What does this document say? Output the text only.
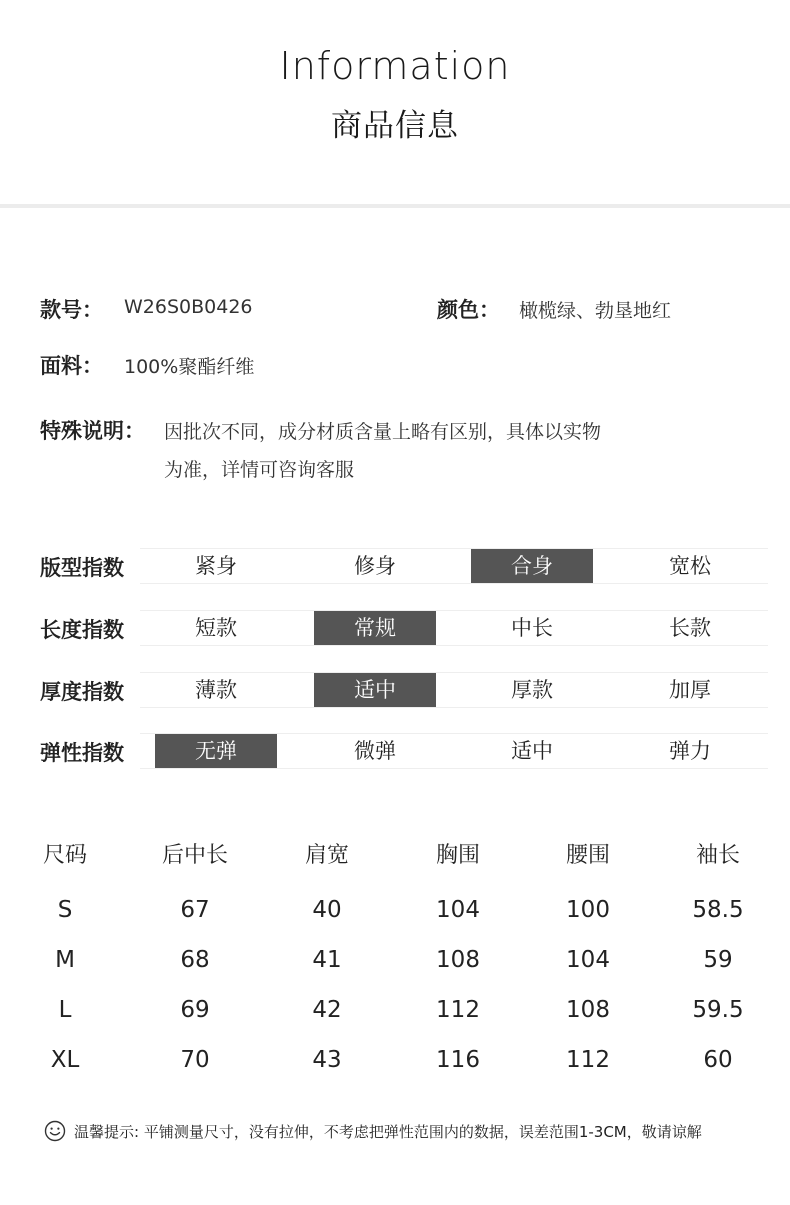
Information
商品信息
款号： W26S0B0426	颜色： 橄榄绿、勃垦地红
面料： 100%聚酯纤维
特殊说明： 因批次不同，成分材质含量上略有区别，具体以实物
为准，详情可咨询客服
版型指数	紧身	修身	合身	宽松
长度指数	短款	常规	中长	长款
厚度指数	薄款	适中	厚款	加厚
弹性指数	无弹	微弹	适中	弹力
尺码	后中长	肩宽	胸围	腰围	袖长
S	67	40	104	100	58.5
M	68	41	108	104	59
L	69	42	112	108	59.5
XL	70	43	116	112	60
温馨提示: 平铺测量尺寸，没有拉伸，不考虑把弹性范围内的数据，误差范围1-3CM，敬请谅解
